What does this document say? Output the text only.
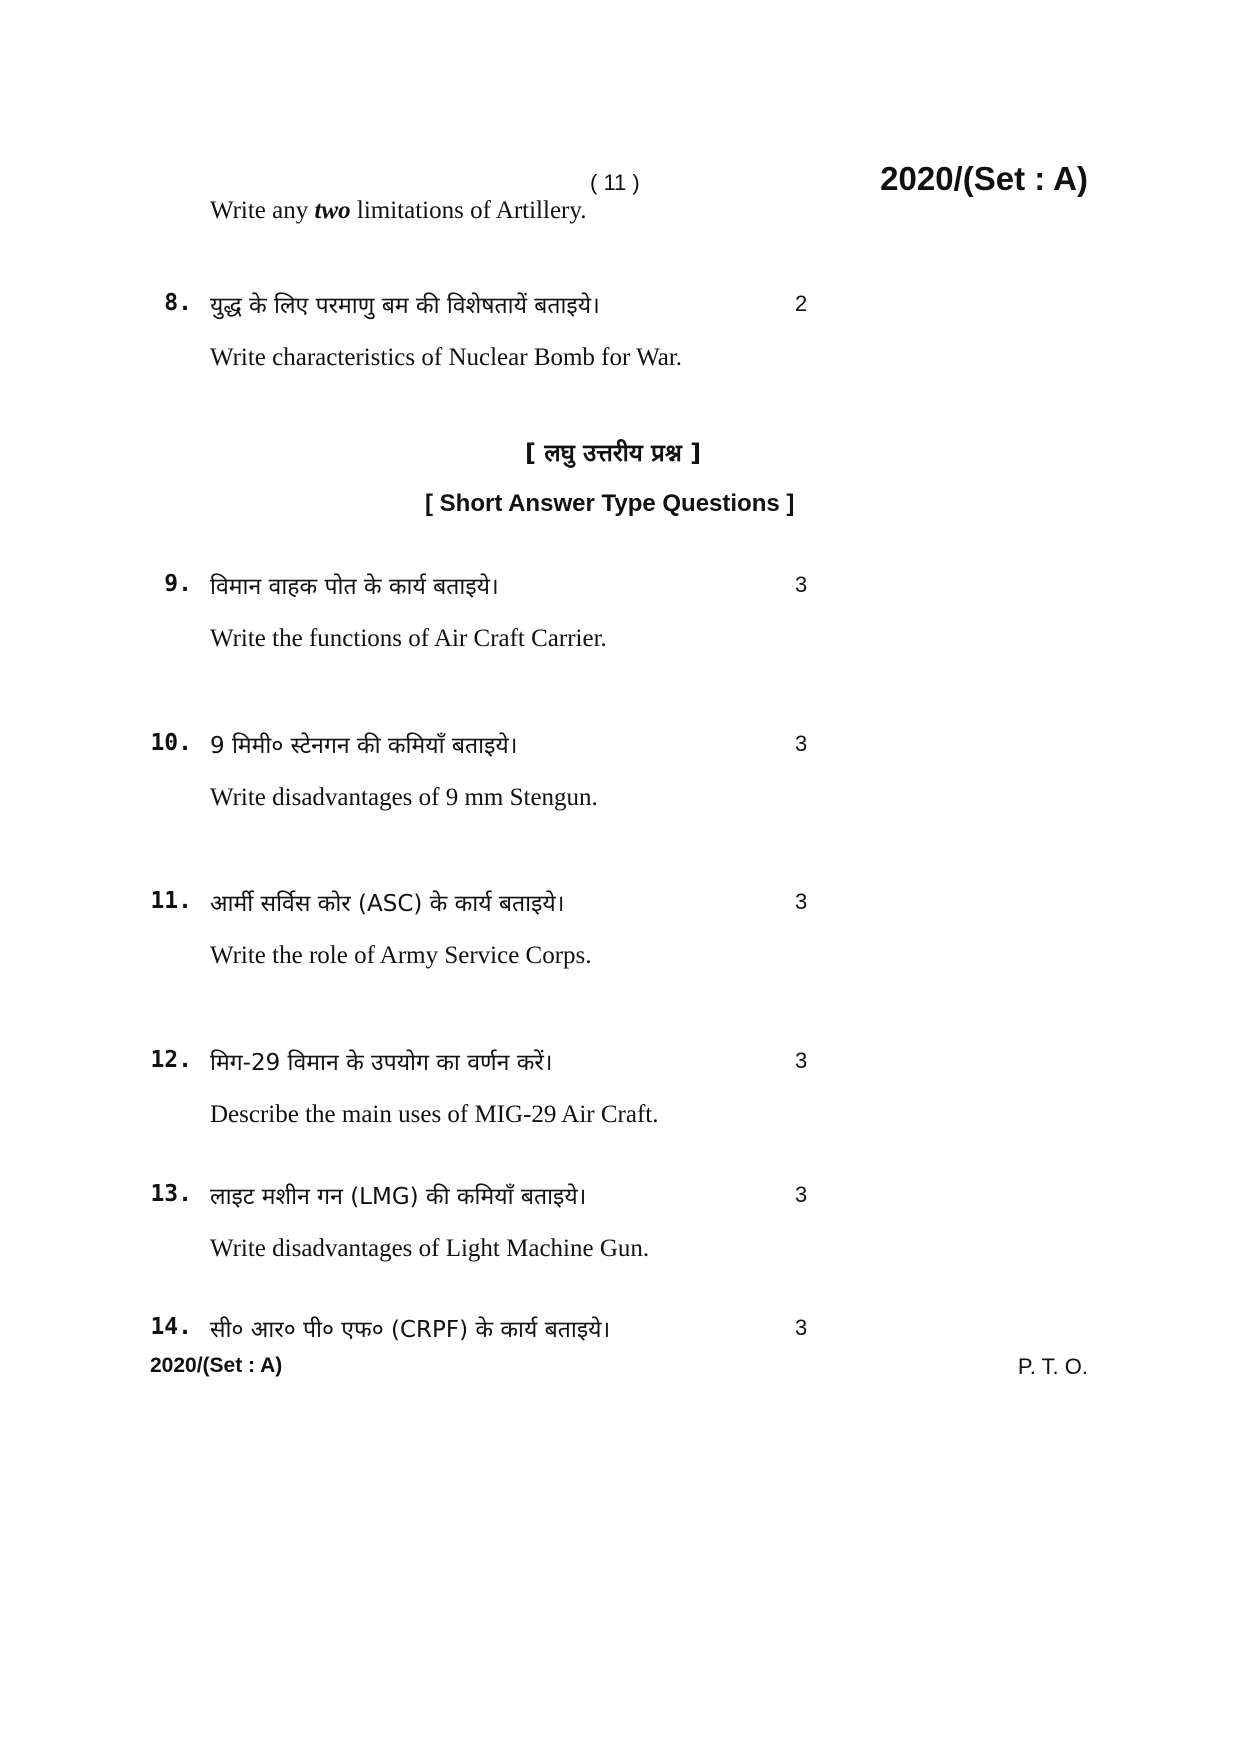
( 11 )	2020/(Set : A)
Write any two limitations of Artillery.
8. युद्ध के लिए परमाणु बम की विशेषतायें बताइये।	2
Write characteristics of Nuclear Bomb for War.
[ लघु उत्तरीय प्रश्न ]
[ Short Answer Type Questions ]
9. विमान वाहक पोत के कार्य बताइये।	3
Write the functions of Air Craft Carrier.
10. 9 मिमी० स्टेनगन की कमियाँ बताइये।	3
Write disadvantages of 9 mm Stengun.
11. आर्मी सर्विस कोर (ASC) के कार्य बताइये।	3
Write the role of Army Service Corps.
12. मिग-29 विमान के उपयोग का वर्णन करें।	3
Describe the main uses of MIG-29 Air Craft.
13. लाइट मशीन गन (LMG) की कमियाँ बताइये।	3
Write disadvantages of Light Machine Gun.
14. सी० आर० पी० एफ० (CRPF) के कार्य बताइये।	3
2020/(Set : A)	P. T. O.
